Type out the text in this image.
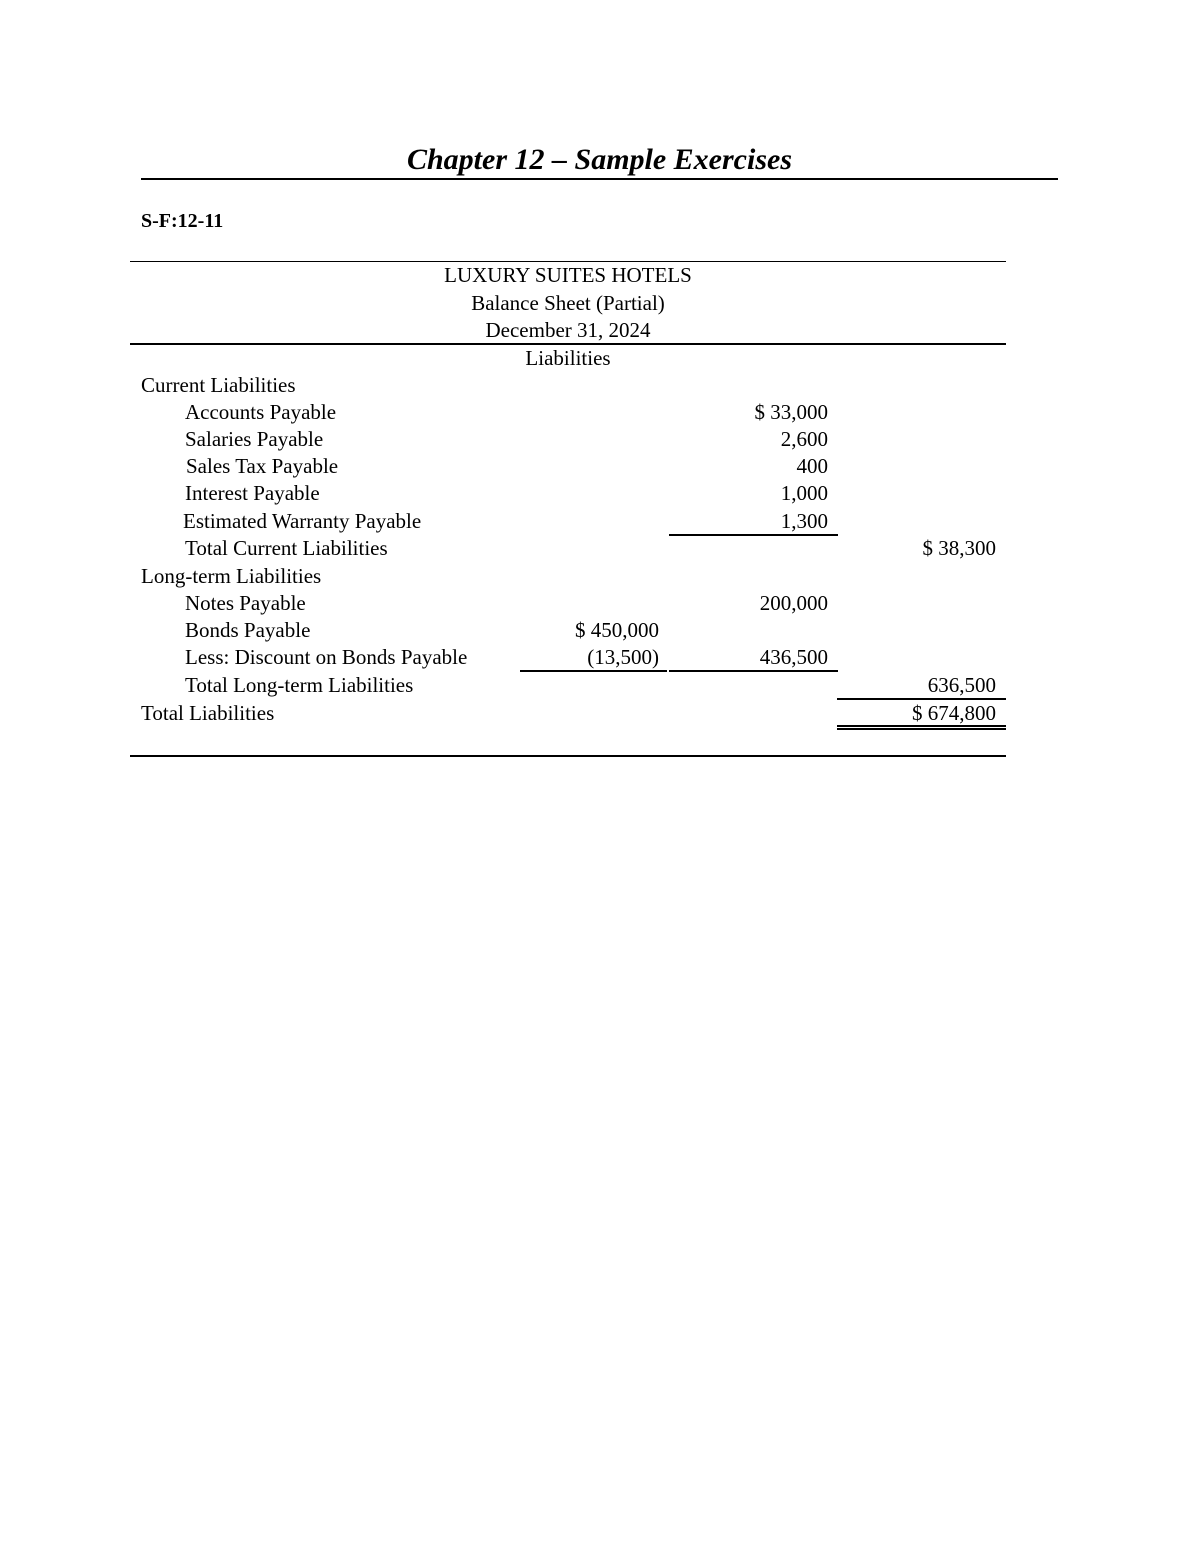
Chapter 12 – Sample Exercises
S-F:12-11
LUXURY SUITES HOTELS
Balance Sheet (Partial)
December 31, 2024
Liabilities
Current Liabilities
Accounts Payable	$ 33,000
Salaries Payable	2,600
Sales Tax Payable	400
Interest Payable	1,000
Estimated Warranty Payable	1,300
Total Current Liabilities	$ 38,300
Long-term Liabilities
Notes Payable	200,000
Bonds Payable	$ 450,000
Less: Discount on Bonds Payable	(13,500)	436,500
Total Long-term Liabilities	636,500
Total Liabilities	$ 674,800
